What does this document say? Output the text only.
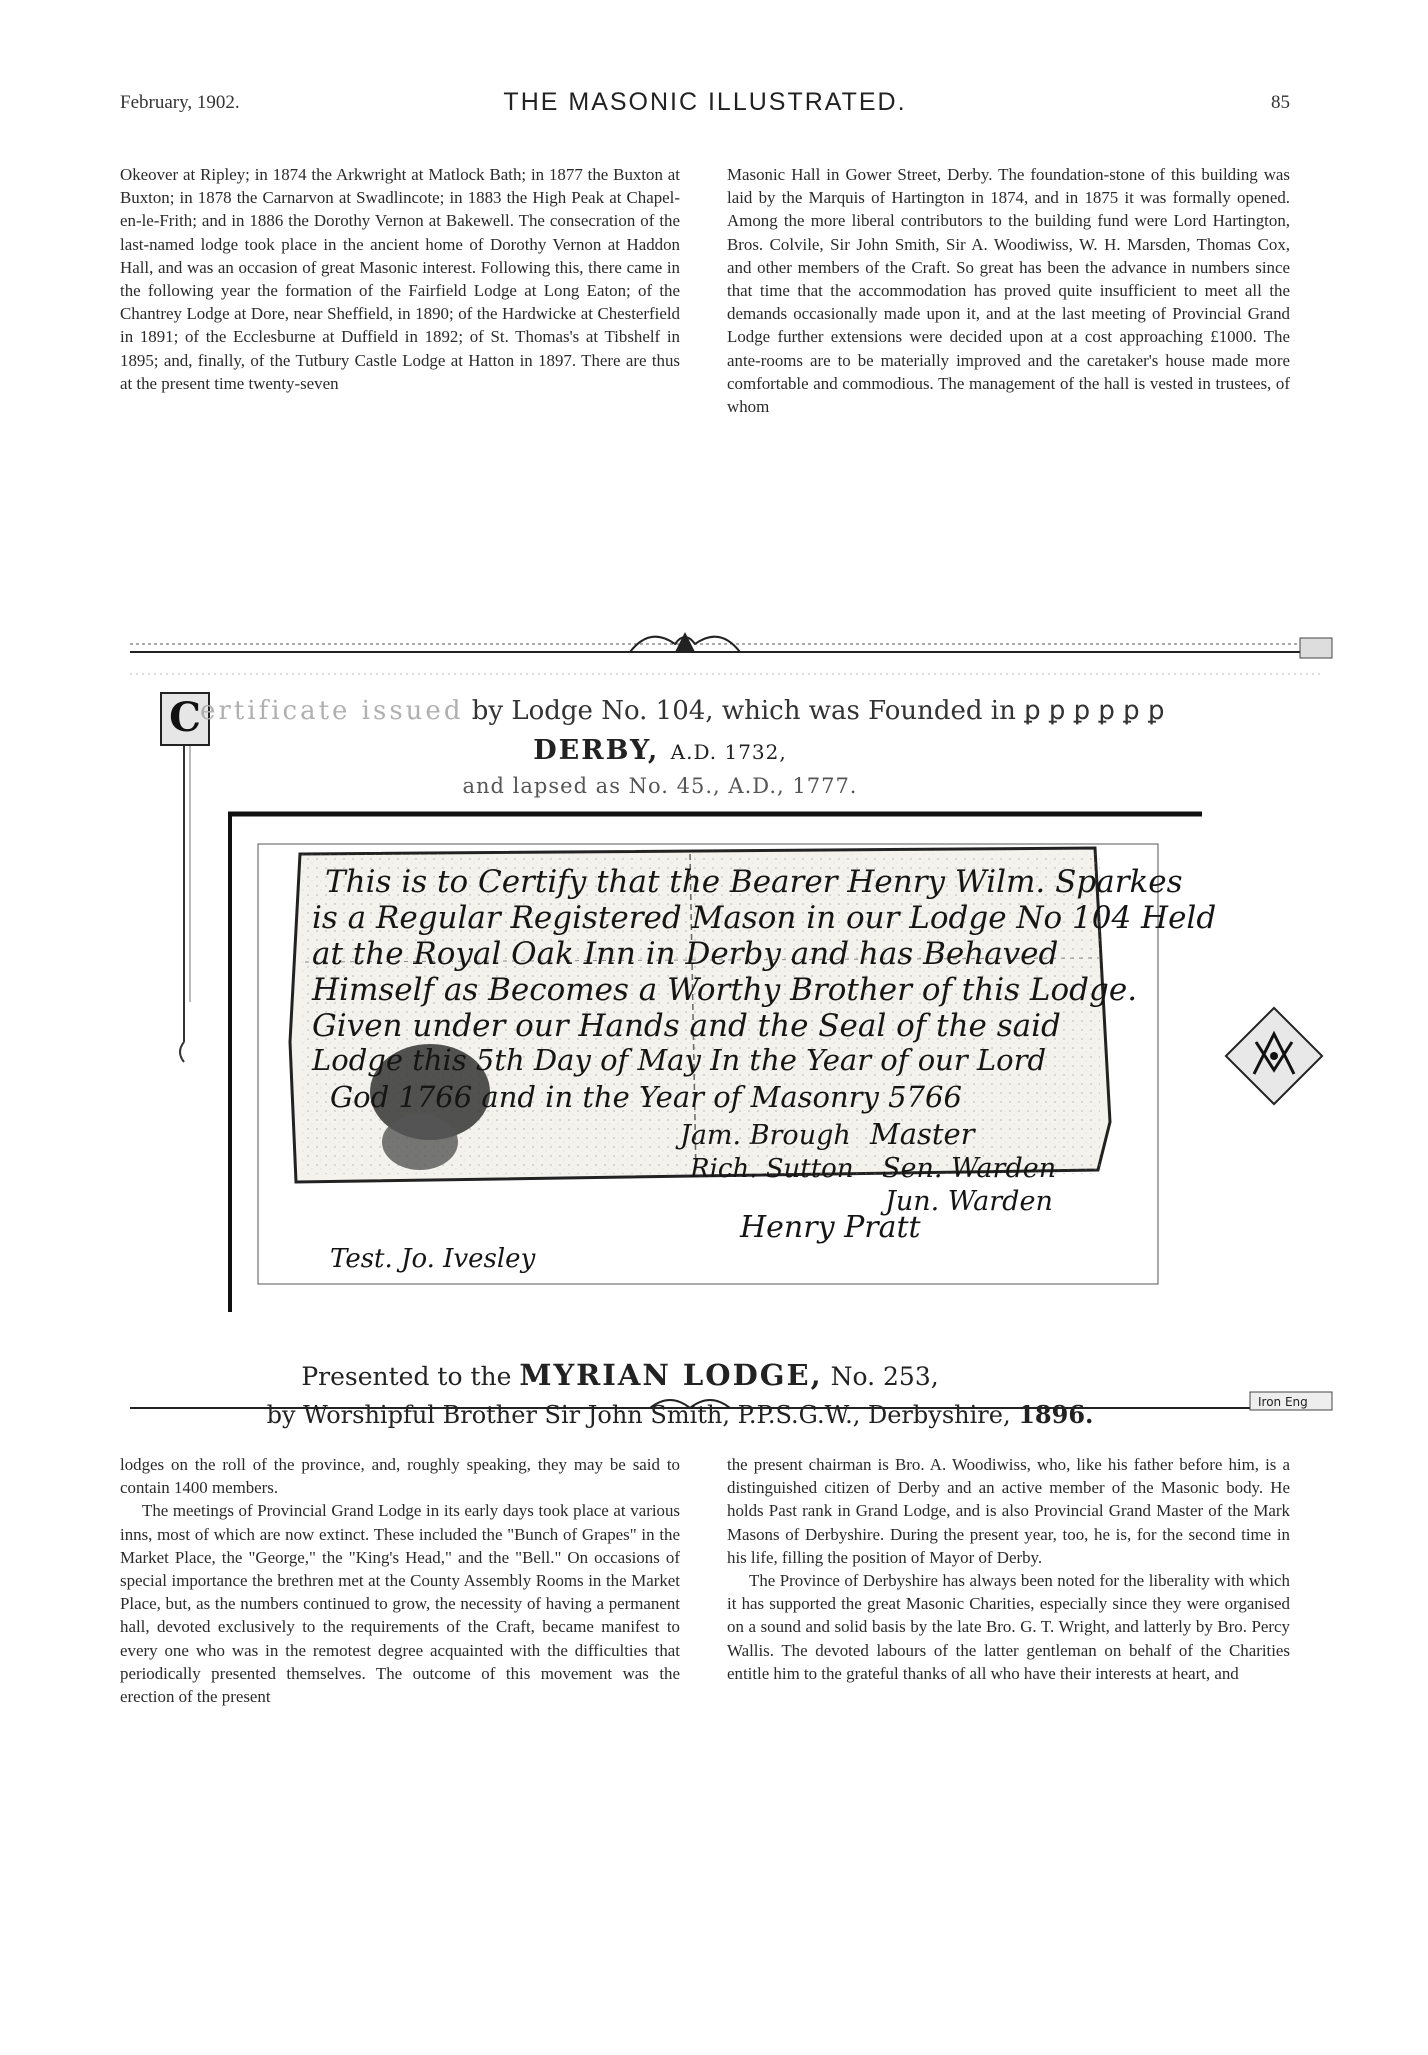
February, 1902.	THE MASONIC ILLUSTRATED.	85

Okeover at Ripley; in 1874 the Arkwright at Matlock Bath; in 1877 the Buxton at Buxton; in 1878 the Carnarvon at Swadlincote; in 1883 the High Peak at Chapel-en-le-Frith; and in 1886 the Dorothy Vernon at Bakewell. The consecration of the last-named lodge took place in the ancient home of Dorothy Vernon at Haddon Hall, and was an occasion of great Masonic interest. Following this, there came in the following year the formation of the Fairfield Lodge at Long Eaton; of the Chantrey Lodge at Dore, near Sheffield, in 1890; of the Hardwicke at Chesterfield in 1891; of the Ecclesburne at Duffield in 1892; of St. Thomas's at Tibshelf in 1895; and, finally, of the Tutbury Castle Lodge at Hatton in 1897. There are thus at the present time twenty-seven

Masonic Hall in Gower Street, Derby. The foundation-stone of this building was laid by the Marquis of Hartington in 1874, and in 1875 it was formally opened. Among the more liberal contributors to the building fund were Lord Hartington, Bros. Colvile, Sir John Smith, Sir A. Woodiwiss, W. H. Marsden, Thomas Cox, and other members of the Craft. So great has been the advance in numbers since that time that the accommodation has proved quite insufficient to meet all the demands occasionally made upon it, and at the last meeting of Provincial Grand Lodge further extensions were decided upon at a cost approaching £1000. The ante-rooms are to be materially improved and the caretaker's house made more comfortable and commodious. The management of the hall is vested in trustees, of whom

This is to Certify that the Bearer Henry Wilm. Sparkes
is a Regular Registered Mason in our Lodge No 104 Held
at the Royal Oak Inn in Derby and has Behaved
Himself as Becomes a Worthy Brother of this Lodge.
Given under our Hands and the Seal of the said
Lodge this 5th Day of May In the Year of our Lord
God 1766 and in the Year of Masonry 5766
Jam. Brough Master
Rich. Sutton Sen. Warden
Jun. Warden
Henry Pratt
Test. Jo. Ivesley
Iron Eng
C ertificate issued by Lodge No. 104, which was Founded in ꝑ ꝑ ꝑ ꝑ ꝑ ꝑ
DERBY, A.D. 1732,
and lapsed as No. 45., A.D., 1777.
Presented to the MYRIAN LODGE, No. 253,
by Worshipful Brother Sir John Smith, P.P.S.G.W., Derbyshire, 1896.

lodges on the roll of the province, and, roughly speaking, they may be said to contain 1400 members.

The meetings of Provincial Grand Lodge in its early days took place at various inns, most of which are now extinct. These included the "Bunch of Grapes" in the Market Place, the "George," the "King's Head," and the "Bell." On occasions of special importance the brethren met at the County Assembly Rooms in the Market Place, but, as the numbers continued to grow, the necessity of having a permanent hall, devoted exclusively to the requirements of the Craft, became manifest to every one who was in the remotest degree acquainted with the difficulties that periodically presented themselves. The outcome of this movement was the erection of the present

the present chairman is Bro. A. Woodiwiss, who, like his father before him, is a distinguished citizen of Derby and an active member of the Masonic body. He holds Past rank in Grand Lodge, and is also Provincial Grand Master of the Mark Masons of Derbyshire. During the present year, too, he is, for the second time in his life, filling the position of Mayor of Derby.

The Province of Derbyshire has always been noted for the liberality with which it has supported the great Masonic Charities, especially since they were organised on a sound and solid basis by the late Bro. G. T. Wright, and latterly by Bro. Percy Wallis. The devoted labours of the latter gentleman on behalf of the Charities entitle him to the grateful thanks of all who have their interests at heart, and
